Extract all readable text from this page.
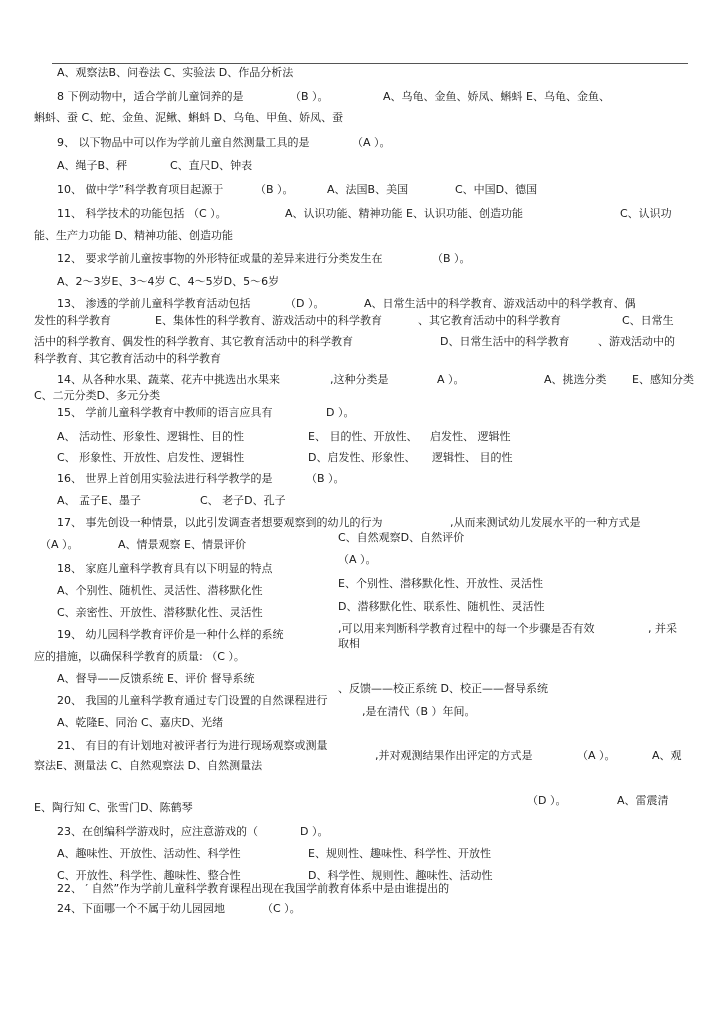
A、观察法B、问卷法 C、实验法 D、作品分析法
8 下例动物中，适合学前儿童饲养的是	（B ）。	A、乌龟、金鱼、娇凤、蝌蚪 E、乌龟、金鱼、
蝌蚪、蚕 C、蛇、金鱼、泥鳅、蝌蚪 D、乌龟、甲鱼、娇凤、蚕
9、 以下物品中可以作为学前儿童自然测量工具的是	（A ）。
A、绳子B、秤	C、直尺D、钟表
10、 做中学”科学教育项目起源于	（B ）。	A、法国B、美国	C、中国D、德国
11、 科学技术的功能包括 （C ）。	A、认识功能、精神功能 E、认识功能、创造功能	C、认识功
能、生产力功能 D、精神功能、创造功能
12、 要求学前儿童按事物的外形特征或量的差异来进行分类发生在	（B ）。
A、2〜3岁E、3〜4岁 C、4〜5岁D、5〜6岁
13、 渗透的学前儿童科学教育活动包括	（D ）。	A、日常生活中的科学教育、游戏活动中的科学教育、偶
发性的科学教育	E、集体性的科学教育、游戏活动中的科学教育	、其它教育活动中的科学教育	C、日常生
活中的科学教育、偶发性的科学教育、其它教育活动中的科学教育	D、日常生活中的科学教育	、游戏活动中的
科学教育、其它教育活动中的科学教育
14、从各种水果、蔬菜、花卉中挑选出水果来	,这种分类是	A ）。	A、挑选分类 E、感知分类
C、二元分类D、多元分类
15、 学前儿童科学教育中教师的语言应具有	D ）。
A、 活动性、形象性、逻辑性、目的性	E、 目的性、开放性、 启发性、 逻辑性
C、 形象性、开放性、启发性、逻辑性	D、启发性、形象性、 逻辑性、 目的性
16、 世界上首创用实验法进行科学教学的是	（B ）。
A、 孟子E、墨子	C、 老子D、孔子
17、 事先创设一种情景，以此引发调查者想要观察到的幼儿的行为	,从而来测试幼儿发展水平的一种方式是
（A ）。	A、情景观察 E、情景评价
C、自然观察D、自然评价
（A ）。
18、 家庭儿童科学教育具有以下明显的特点
A、个别性、随机性、灵活性、潜移默化性
E、个别性、潜移默化性、开放性、灵活性
C、亲密性、开放性、潜移默化性、灵活性	D、潜移默化性、联系性、随机性、灵活性
19、 幼儿园科学教育评价是一种什么样的系统	,可以用来判断科学教育过程中的每一个步骤是否有效	, 并采
应的措施，以确保科学教育的质量: （C ）。
取相
A、督导——反馈系统 E、评价 督导系统
、反馈——校正系统 D、校正——督导系统
20、 我国的儿童科学教育通过专门设置的自然课程进行
,是在清代（B ）年间。
A、乾隆E、同治 C、嘉庆D、光绪
21、 有目的有计划地对被评者行为进行现场观察或测量
,并对观测结果作出评定的方式是	（A ）。	A、观
察法E、测量法 C、自然观察法 D、自然测量法
（D ）。	A、雷震清
E、陶行知 C、张雪门D、陈鹤琴
23、在创编科学游戏时，应注意游戏的（	D ）。
A、趣味性、开放性、活动性、科学性	E、规则性、趣味性、科学性、开放性
C、开放性、科学性、趣味性、整合性	D、科学性、规则性、趣味性、活动性
22、 ′ 自然”作为学前儿童科学教育课程出现在我国学前教育体系中是由谁提出的
24、下面哪一个不属于幼儿园园地	（C ）。
